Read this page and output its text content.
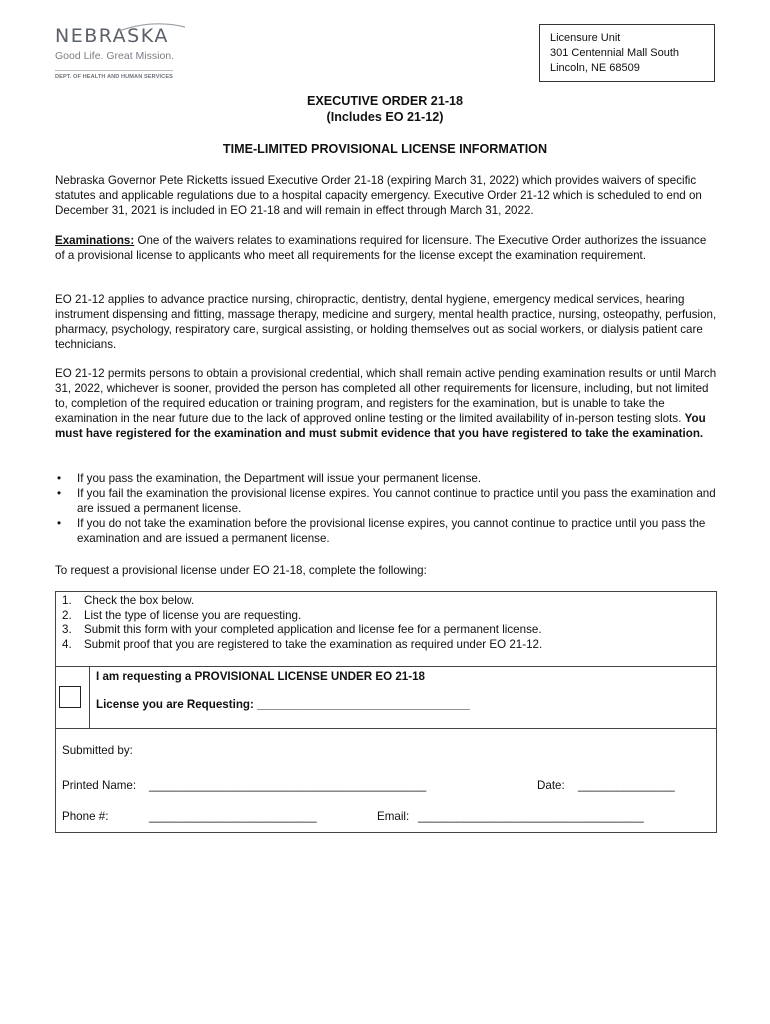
NEBRASKA
Good Life. Great Mission.
DEPT. OF HEALTH AND HUMAN SERVICES
Licensure Unit
301 Centennial Mall South
Lincoln, NE 68509
EXECUTIVE ORDER 21-18
(Includes EO 21-12)
TIME-LIMITED PROVISIONAL LICENSE INFORMATION
Nebraska Governor Pete Ricketts issued Executive Order 21-18 (expiring March 31, 2022) which provides waivers of specific statutes and applicable regulations due to a hospital capacity emergency. Executive Order 21-12 which is scheduled to end on December 31, 2021 is included in EO 21-18 and will remain in effect through March 31, 2022.
Examinations: One of the waivers relates to examinations required for licensure. The Executive Order authorizes the issuance of a provisional license to applicants who meet all requirements for the license except the examination requirement.
EO 21-12 applies to advance practice nursing, chiropractic, dentistry, dental hygiene, emergency medical services, hearing instrument dispensing and fitting, massage therapy, medicine and surgery, mental health practice, nursing, osteopathy, perfusion, pharmacy, psychology, respiratory care, surgical assisting, or holding themselves out as social workers, or dialysis patient care technicians.
EO 21-12 permits persons to obtain a provisional credential, which shall remain active pending examination results or until March 31, 2022, whichever is sooner, provided the person has completed all other requirements for licensure, including, but not limited to, completion of the required education or training program, and registers for the examination, but is unable to take the examination in the near future due to the lack of approved online testing or the limited availability of in-person testing slots. You must have registered for the examination and must submit evidence that you have registered to take the examination.
• If you pass the examination, the Department will issue your permanent license.
• If you fail the examination the provisional license expires. You cannot continue to practice until you pass the examination and are issued a permanent license.
• If you do not take the examination before the provisional license expires, you cannot continue to practice until you pass the examination and are issued a permanent license.
To request a provisional license under EO 21-18, complete the following:
1. Check the box below.
2. List the type of license you are requesting.
3. Submit this form with your completed application and license fee for a permanent license.
4. Submit proof that you are registered to take the examination as required under EO 21-12.
I am requesting a PROVISIONAL LICENSE UNDER EO 21-18
License you are Requesting: _________________________________
Submitted by:
Printed Name: ___________________________________________	Date: _______________
Phone #:	__________________________	Email: ___________________________________
